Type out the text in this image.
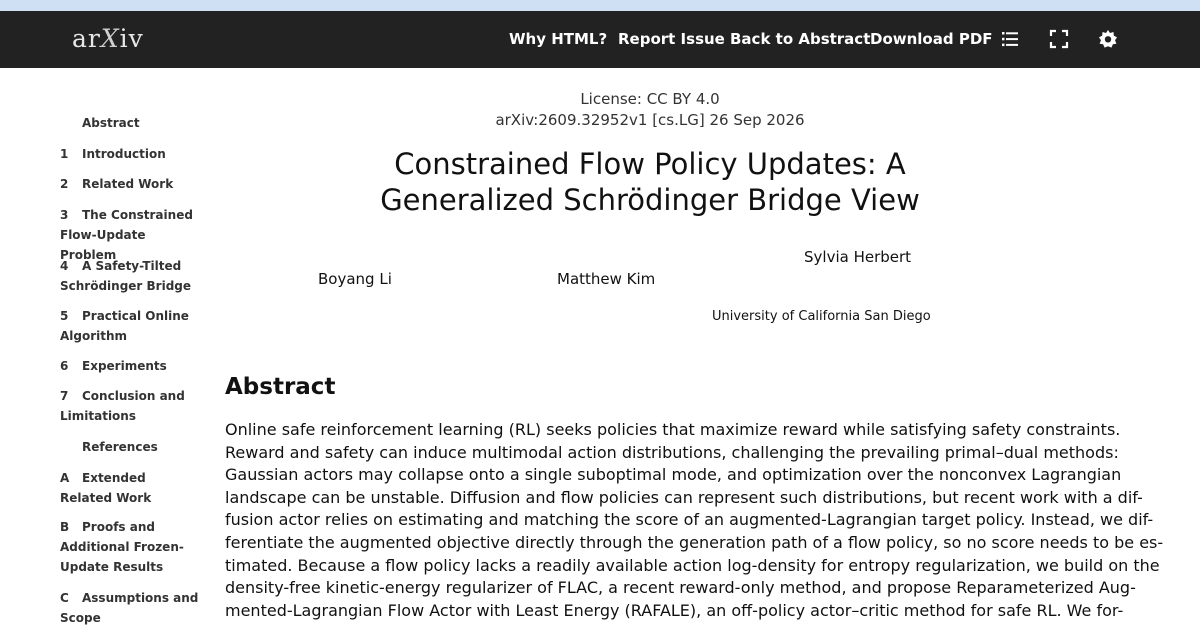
arXiv	Why HTML? Report Issue Back to Abstract Download PDF
Abstract
1 Introduction
2 Related Work
3 The Constrained Flow-Update Problem
4 A Safety-Tilted Schrödinger Bridge
5 Practical Online Algorithm
6 Experiments
7 Conclusion and Limitations
References
A Extended Related Work
B Proofs and Additional Frozen-Update Results
C Assumptions and Scope
License: CC BY 4.0
arXiv:2609.32952v1 [cs.LG] 26 Sep 2026
Constrained Flow Policy Updates: A Generalized Schrödinger Bridge View
Boyang Li	Matthew Kim
Sylvia Herbert
University of California San Diego
Abstract
Online safe reinforcement learning (RL) seeks policies that maximize reward while satisfying safety constraints.
Reward and safety can induce multimodal action distributions, challenging the prevailing primal–dual methods:
Gaussian actors may collapse onto a single suboptimal mode, and optimization over the nonconvex Lagrangian
landscape can be unstable. Diffusion and flow policies can represent such distributions, but recent work with a dif-
fusion actor relies on estimating and matching the score of an augmented-Lagrangian target policy. Instead, we dif-
ferentiate the augmented objective directly through the generation path of a flow policy, so no score needs to be es-
timated. Because a flow policy lacks a readily available action log-density for entropy regularization, we build on the
density-free kinetic-energy regularizer of FLAC, a recent reward-only method, and propose Reparameterized Aug-
mented-Lagrangian Flow Actor with Least Energy (RAFALE), an off-policy actor–critic method for safe RL. We for-
